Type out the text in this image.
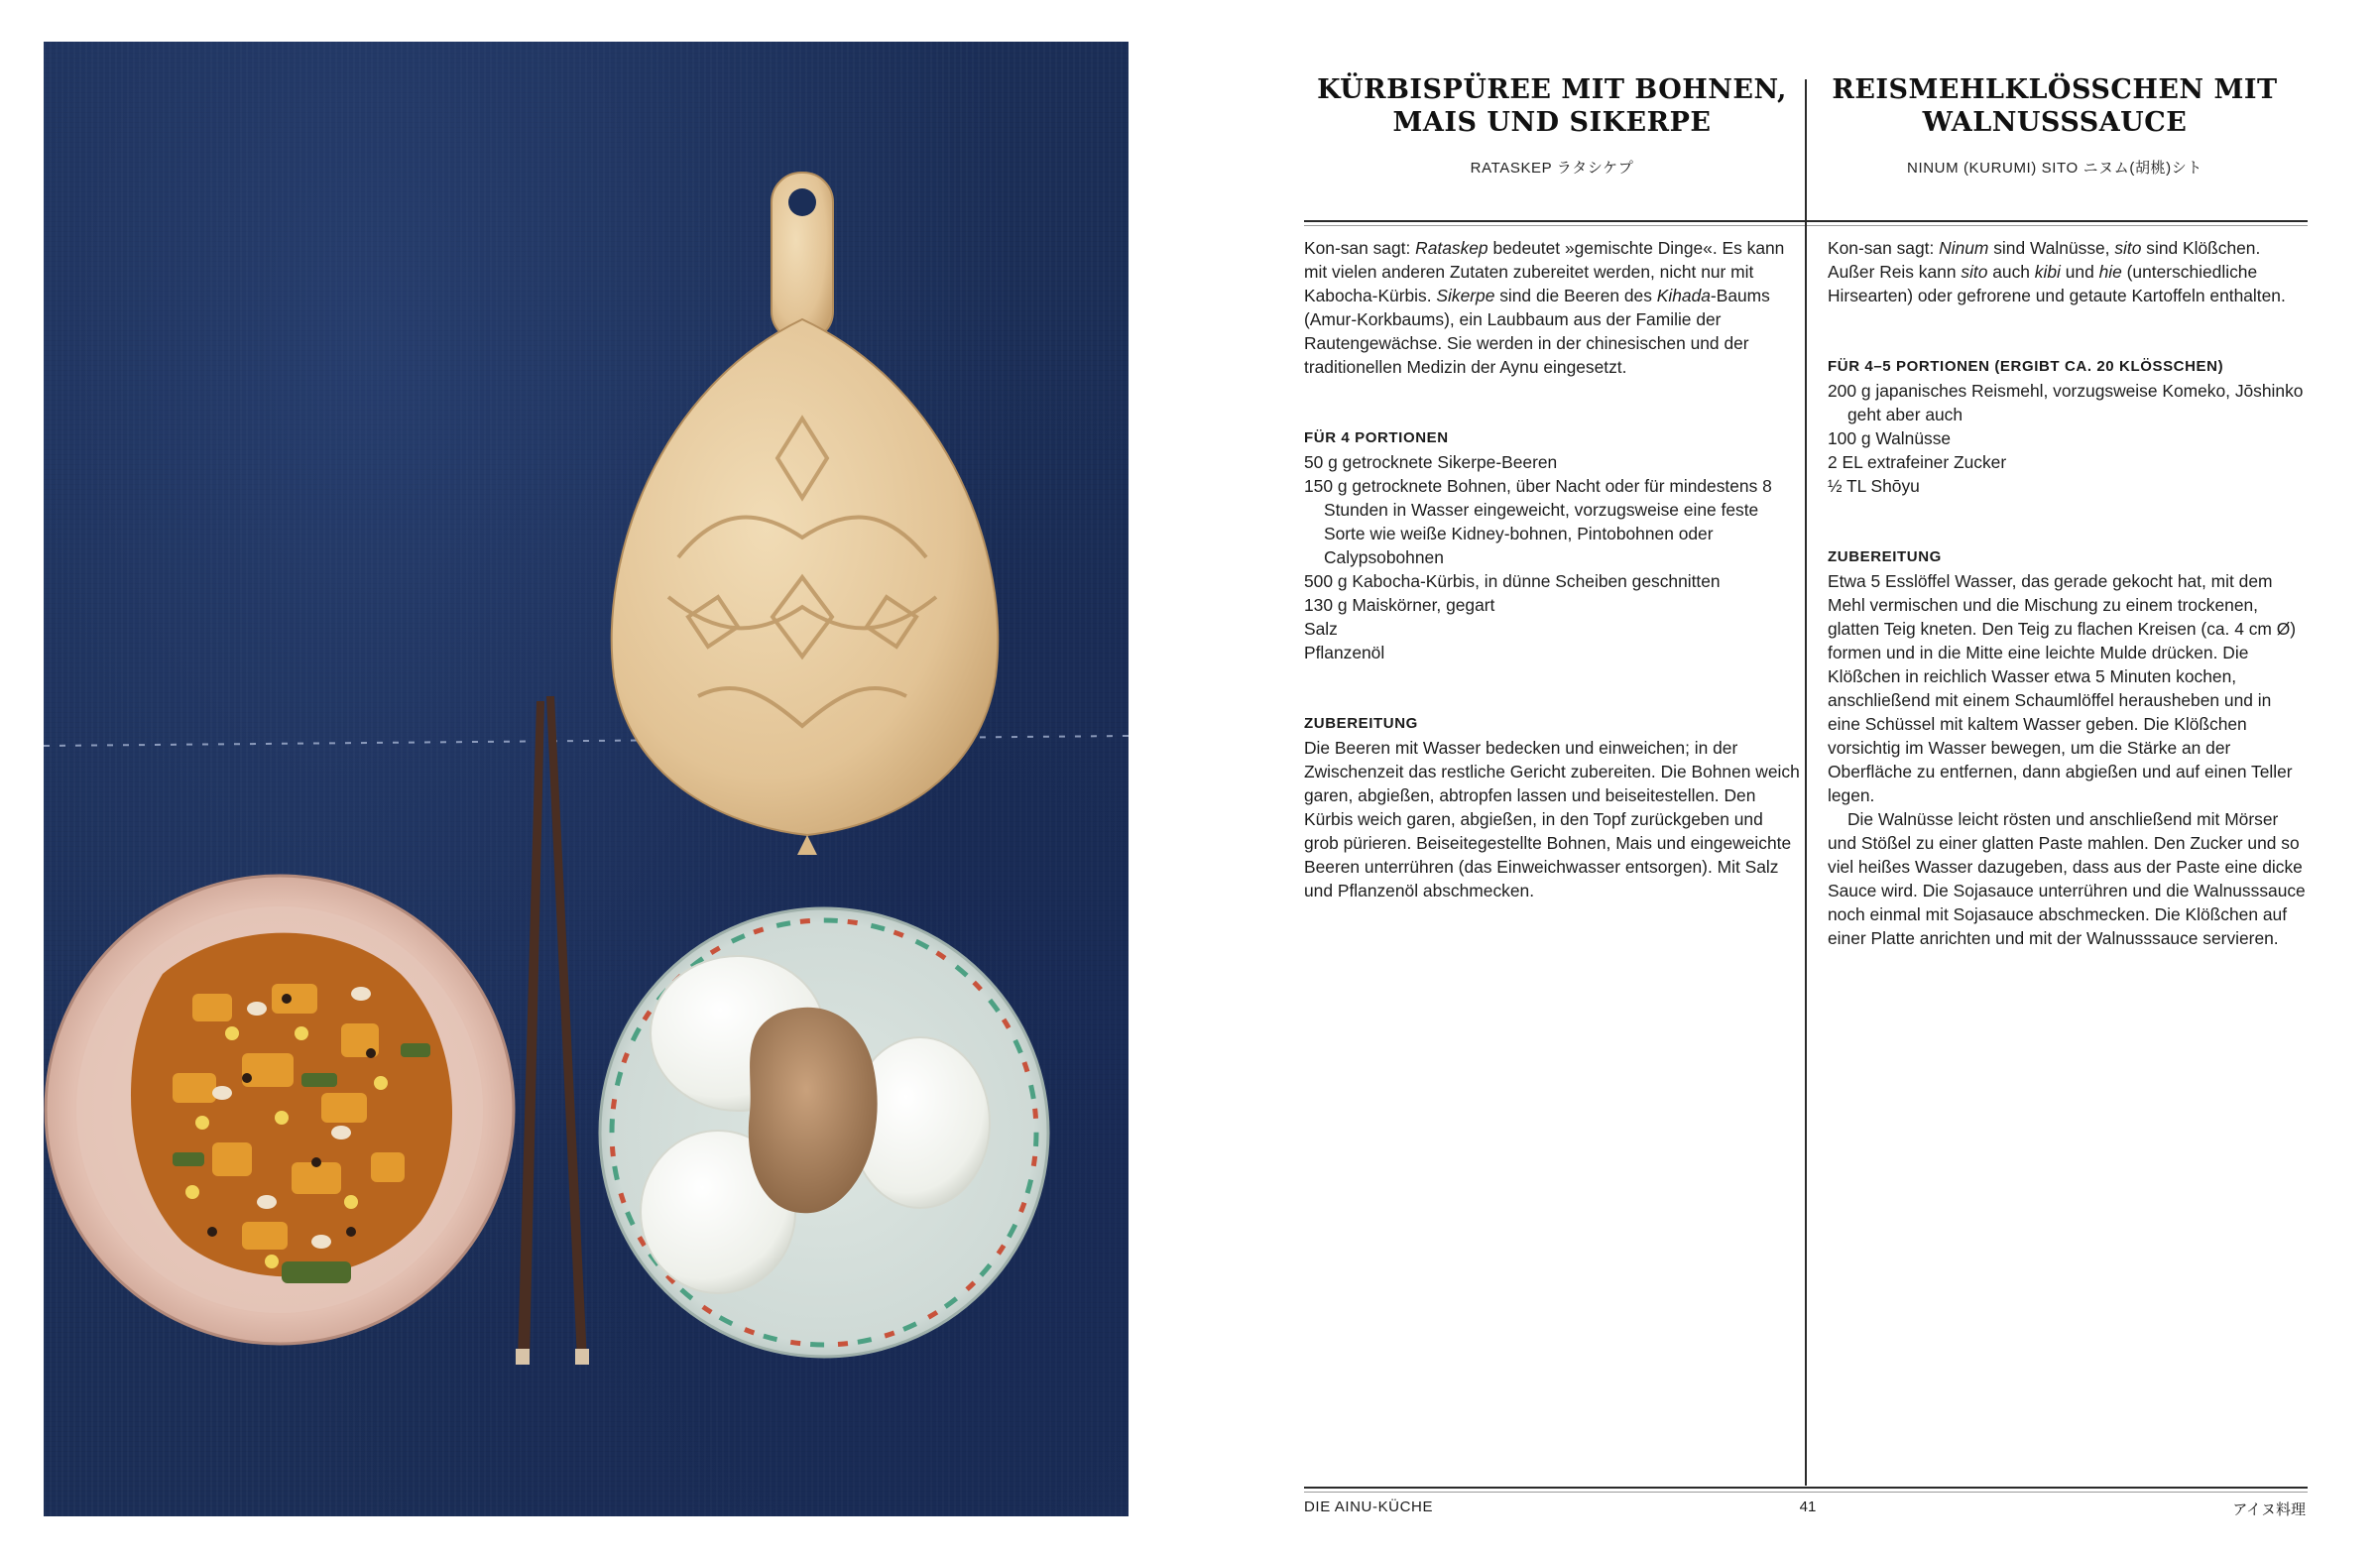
KÜRBISPÜREE MIT BOHNEN,
MAIS UND SIKERPE
RATASKEP ラタシケプ
REISMEHLKLÖSSCHEN MIT
WALNUSSSAUCE
NINUM (KURUMI) SITO ニヌム(胡桃)シト

Kon-san sagt: Rataskep bedeutet »gemischte Dinge«. Es kann mit vielen anderen Zutaten zubereitet werden, nicht nur mit Kabocha-Kürbis. Sikerpe sind die Beeren des Kihada-Baums (Amur-Korkbaums), ein Laubbaum aus der Familie der Rautengewächse. Sie werden in der chinesischen und der traditionellen Medizin der Aynu eingesetzt.

FÜR 4 PORTIONEN

50 g getrocknete Sikerpe-Beeren

150 g getrocknete Bohnen, über Nacht oder für mindestens 8 Stunden in Wasser eingeweicht, vorzugsweise eine feste Sorte wie weiße Kidney-bohnen, Pintobohnen oder Calypsobohnen

500 g Kabocha-Kürbis, in dünne Scheiben geschnitten

130 g Maiskörner, gegart

Salz

Pflanzenöl

ZUBEREITUNG

Die Beeren mit Wasser bedecken und einweichen; in der Zwischenzeit das restliche Gericht zubereiten. Die Bohnen weich garen, abgießen, abtropfen lassen und beiseitestellen. Den Kürbis weich garen, abgießen, in den Topf zurückgeben und grob pürieren. Beiseitegestellte Bohnen, Mais und eingeweichte Beeren unterrühren (das Einweichwasser entsorgen). Mit Salz und Pflanzenöl abschmecken.

Kon-san sagt: Ninum sind Walnüsse, sito sind Klößchen. Außer Reis kann sito auch kibi und hie (unterschiedliche Hirsearten) oder gefrorene und getaute Kartoffeln enthalten.

FÜR 4–5 PORTIONEN (ERGIBT CA. 20 KLÖSSCHEN)

200 g japanisches Reismehl, vorzugsweise Komeko, Jōshinko geht aber auch

100 g Walnüsse

2 EL extrafeiner Zucker

½ TL Shōyu

ZUBEREITUNG

Etwa 5 Esslöffel Wasser, das gerade gekocht hat, mit dem Mehl vermischen und die Mischung zu einem trockenen, glatten Teig kneten. Den Teig zu flachen Kreisen (ca. 4 cm Ø) formen und in die Mitte eine leichte Mulde drücken. Die Klößchen in reichlich Wasser etwa 5 Minuten kochen, anschließend mit einem Schaumlöffel herausheben und in eine Schüssel mit kaltem Wasser geben. Die Klößchen vorsichtig im Wasser bewegen, um die Stärke an der Oberfläche zu entfernen, dann abgießen und auf einen Teller legen.

Die Walnüsse leicht rösten und anschließend mit Mörser und Stößel zu einer glatten Paste mahlen. Den Zucker und so viel heißes Wasser dazugeben, dass aus der Paste eine dicke Sauce wird. Die Sojasauce unterrühren und die Walnusssauce noch einmal mit Sojasauce abschmecken. Die Klößchen auf einer Platte anrichten und mit der Walnusssauce servieren.

DIE AINU-KÜCHE	41	アイヌ料理
